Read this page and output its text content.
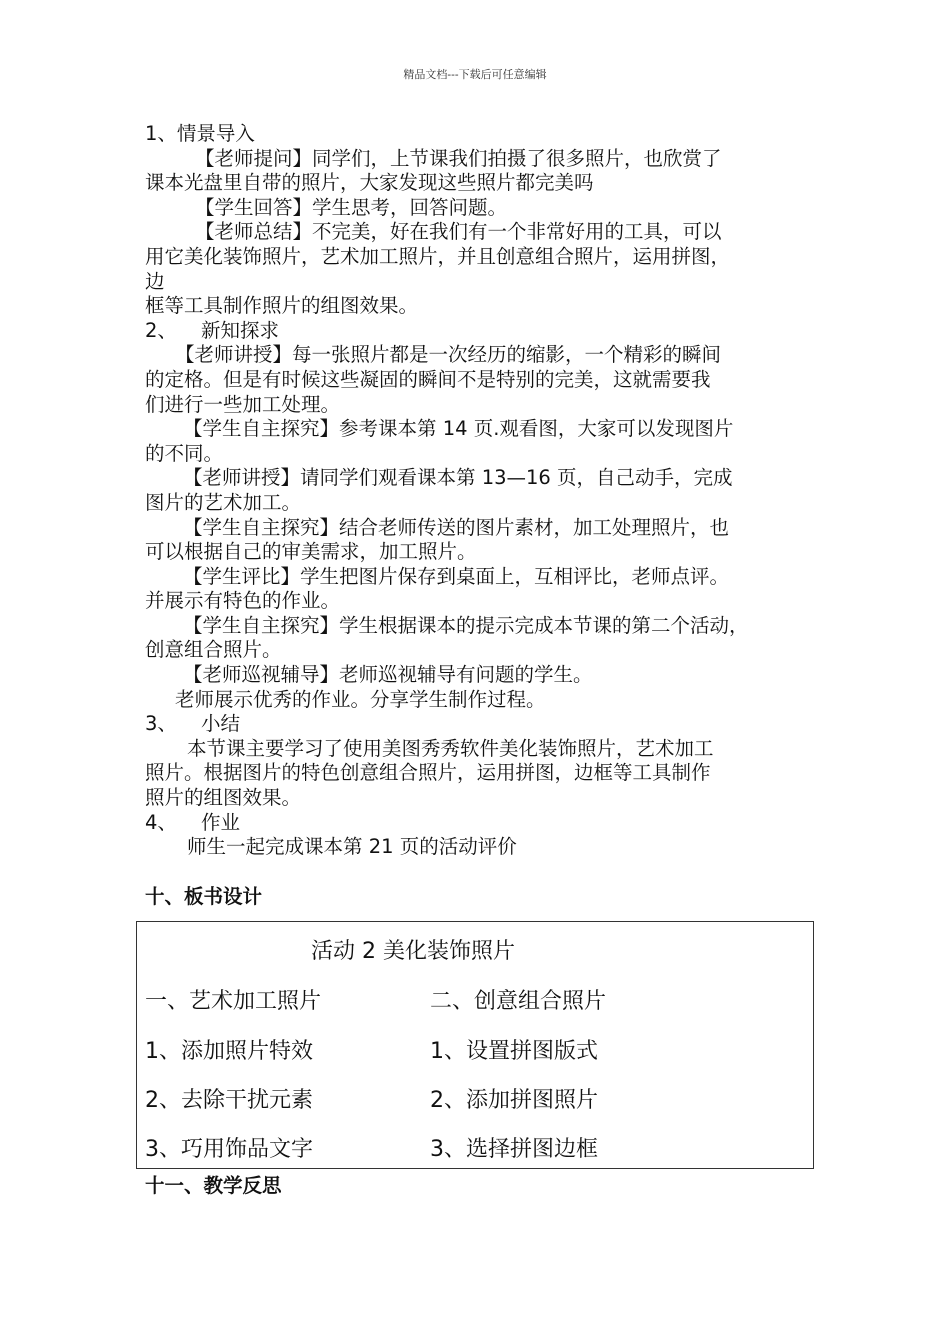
精品文档---下载后可任意编辑

1、情景导入

【老师提问】同学们，上节课我们拍摄了很多照片，也欣赏了

课本光盘里自带的照片，大家发现这些照片都完美吗

【学生回答】学生思考，回答问题。

【老师总结】不完美，好在我们有一个非常好用的工具，可以

用它美化装饰照片，艺术加工照片，并且创意组合照片，运用拼图，

边

框等工具制作照片的组图效果。

2、 新知探求

【老师讲授】每一张照片都是一次经历的缩影，一个精彩的瞬间

的定格。但是有时候这些凝固的瞬间不是特别的完美，这就需要我

们进行一些加工处理。

【学生自主探究】参考课本第 14 页.观看图，大家可以发现图片

的不同。

【老师讲授】请同学们观看课本第 13—16 页，自己动手，完成

图片的艺术加工。

【学生自主探究】结合老师传送的图片素材，加工处理照片，也

可以根据自己的审美需求，加工照片。

【学生评比】学生把图片保存到桌面上，互相评比，老师点评。

并展示有特色的作业。

【学生自主探究】学生根据课本的提示完成本节课的第二个活动，

创意组合照片。

【老师巡视辅导】老师巡视辅导有问题的学生。

老师展示优秀的作业。分享学生制作过程。

3、 小结

本节课主要学习了使用美图秀秀软件美化装饰照片，艺术加工

照片。根据图片的特色创意组合照片，运用拼图，边框等工具制作

照片的组图效果。

4、 作业

师生一起完成课本第 21 页的活动评价

十、板书设计

活动 2 美化装饰照片
一、艺术加工照片	二、创意组合照片
1、添加照片特效	1、设置拼图版式
2、去除干扰元素	2、添加拼图照片
3、巧用饰品文字	3、选择拼图边框
十一、教学反思
